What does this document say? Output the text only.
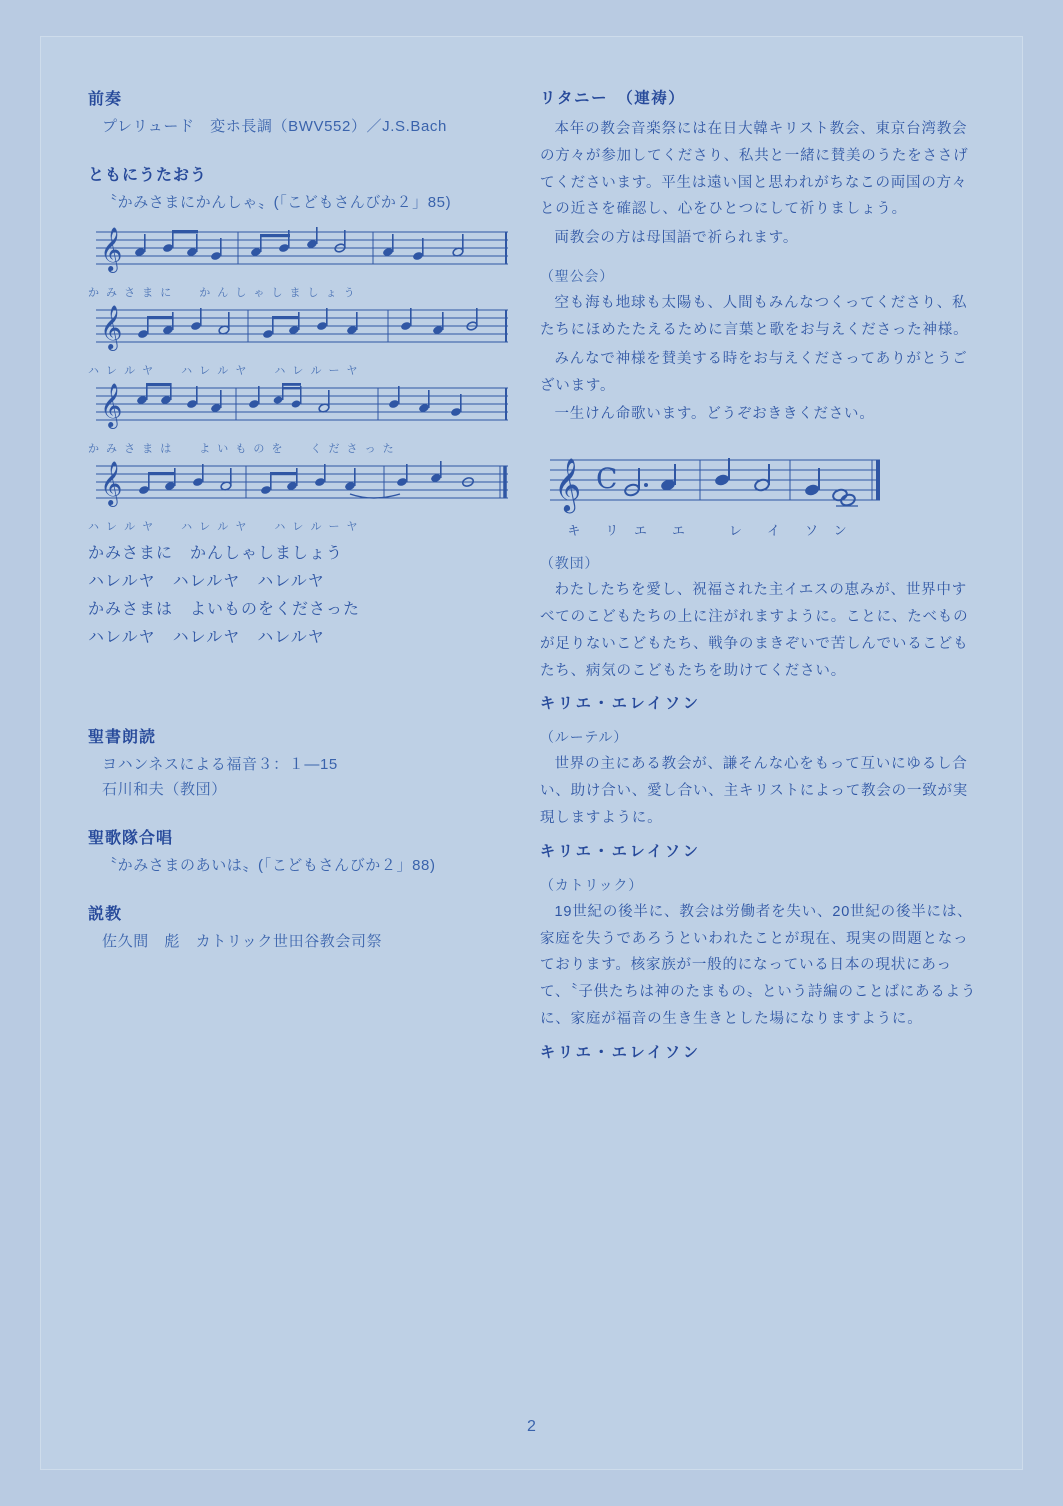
前奏
プレリュード　変ホ長調（BWV552）／J.S.Bach
ともにうたおう
〝かみさまにかんしゃ〟(「こどもさんびか２」85)
𝄞
か み さ ま に　　か ん し ゃ し ま し ょ う
𝄞
ハ レ ル ヤ　　ハ レ ル ヤ　　ハ レ ル ー ヤ
𝄞
か み さ ま は　　よ い も の を　　く だ さ っ た
𝄞
ハ レ ル ヤ　　ハ レ ル ヤ　　ハ レ ル ー ヤ
かみさまに　かんしゃしましょう
ハレルヤ　ハレルヤ　ハレルヤ
かみさまは　よいものをくださった
ハレルヤ　ハレルヤ　ハレルヤ
聖書朗読
ヨハンネスによる福音３：１—15
石川和夫（教団）
聖歌隊合唱
〝かみさまのあいは〟(「こどもさんびか２」88)
説教
佐久間　彪　カトリック世田谷教会司祭
リタニー　（連祷）

本年の教会音楽祭には在日大韓キリスト教会、東京台湾教会の方々が参加してくださり、私共と一緒に賛美のうたをささげてくださいます。平生は遠い国と思われがちなこの両国の方々との近さを確認し、心をひとつにして祈りましょう。

両教会の方は母国語で祈られます。

（聖公会）

空も海も地球も太陽も、人間もみんなつくってくださり、私たちにほめたたえるために言葉と歌をお与えくださった神様。

みんなで神様を賛美する時をお与えくださってありがとうございます。

一生けん命歌います。どうぞおききください。

𝄞 C
キ　リ エ　エ　　レ　イ　ソ ン
（教団）

わたしたちを愛し、祝福された主イエスの恵みが、世界中すべてのこどもたちの上に注がれますように。ことに、たべものが足りないこどもたち、戦争のまきぞいで苦しんでいるこどもたち、病気のこどもたちを助けてください。

キリエ・エレイソン
（ルーテル）

世界の主にある教会が、謙そんな心をもって互いにゆるし合い、助け合い、愛し合い、主キリストによって教会の一致が実現しますように。

キリエ・エレイソン
（カトリック）

19世紀の後半に、教会は労働者を失い、20世紀の後半には、家庭を失うであろうといわれたことが現在、現実の問題となっております。核家族が一般的になっている日本の現状にあって、〝子供たちは神のたまもの〟という詩編のことばにあるように、家庭が福音の生き生きとした場になりますように。

キリエ・エレイソン
2
